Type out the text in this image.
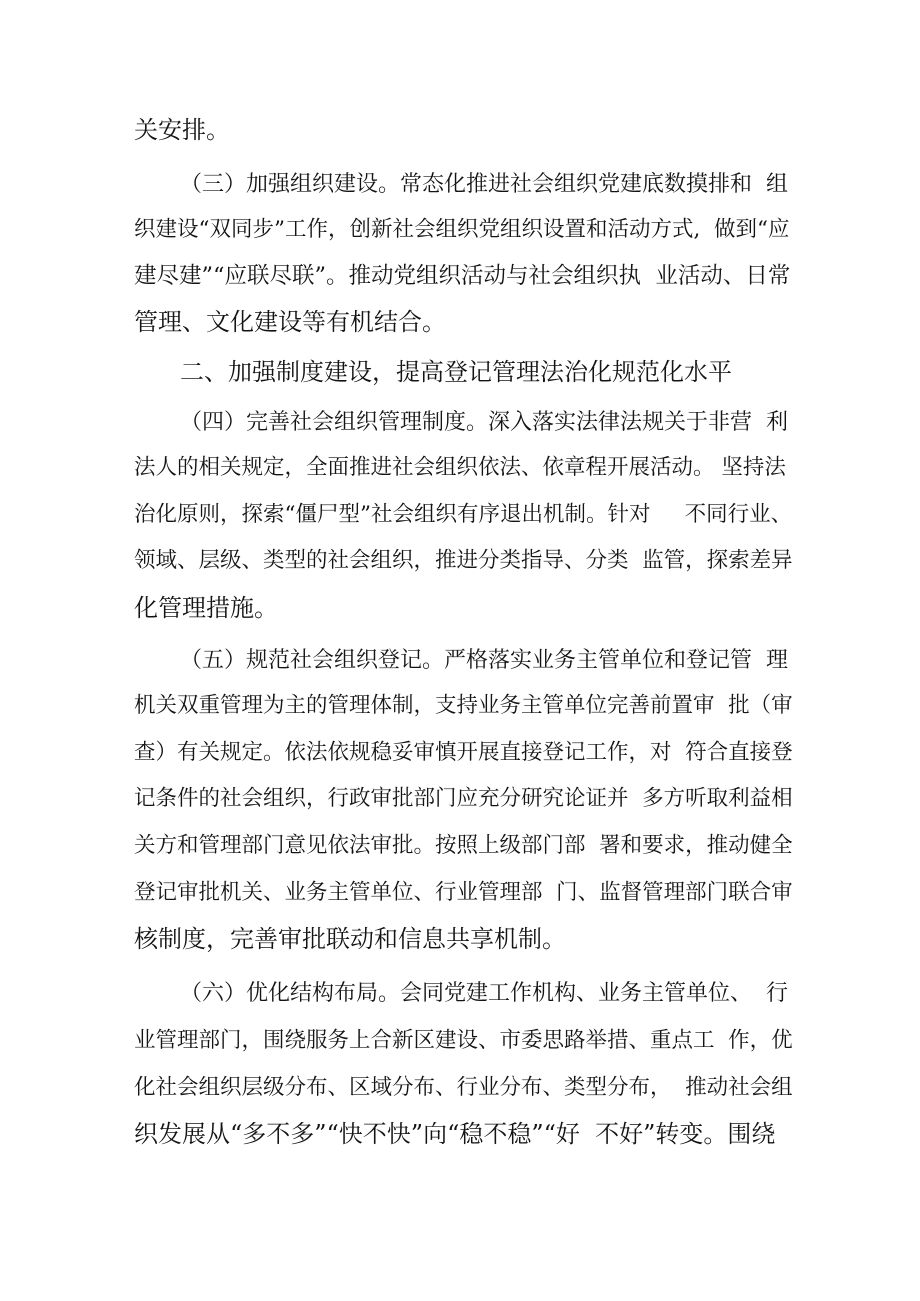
关安排。
（三）加强组织建设。常态化推进社会组织党建底数摸排和  组
织建设“双同步”工作，创新社会组织党组织设置和活动方式,  做到“应
建尽建”“应联尽联”。推动党组织活动与社会组织执  业活动、日常
管理、文化建设等有机结合。
二、加强制度建设，提高登记管理法治化规范化水平
（四）完善社会组织管理制度。深入落实法律法规关于非营  利
法人的相关规定，全面推进社会组织依法、依章程开展活动。 坚持法
治化原则，探索“僵尸型”社会组织有序退出机制。针对     不同行业、
领域、层级、类型的社会组织，推进分类指导、分类  监管，探索差异
化管理措施。
（五）规范社会组织登记。严格落实业务主管单位和登记管  理
机关双重管理为主的管理体制，支持业务主管单位完善前置审  批（审
查）有关规定。依法依规稳妥审慎开展直接登记工作，对  符合直接登
记条件的社会组织，行政审批部门应充分研究论证并  多方听取利益相
关方和管理部门意见依法审批。按照上级部门部  署和要求，推动健全
登记审批机关、业务主管单位、行业管理部  门、监督管理部门联合审
核制度，完善审批联动和信息共享机制。
（六）优化结构布局。会同党建工作机构、业务主管单位、  行
业管理部门，围绕服务上合新区建设、市委思路举措、重点工  作，优
化社会组织层级分布、区域分布、行业分布、类型分布，  推动社会组
织发展从“多不多”“快不快”向“稳不稳”“好  不好”转变。围绕
